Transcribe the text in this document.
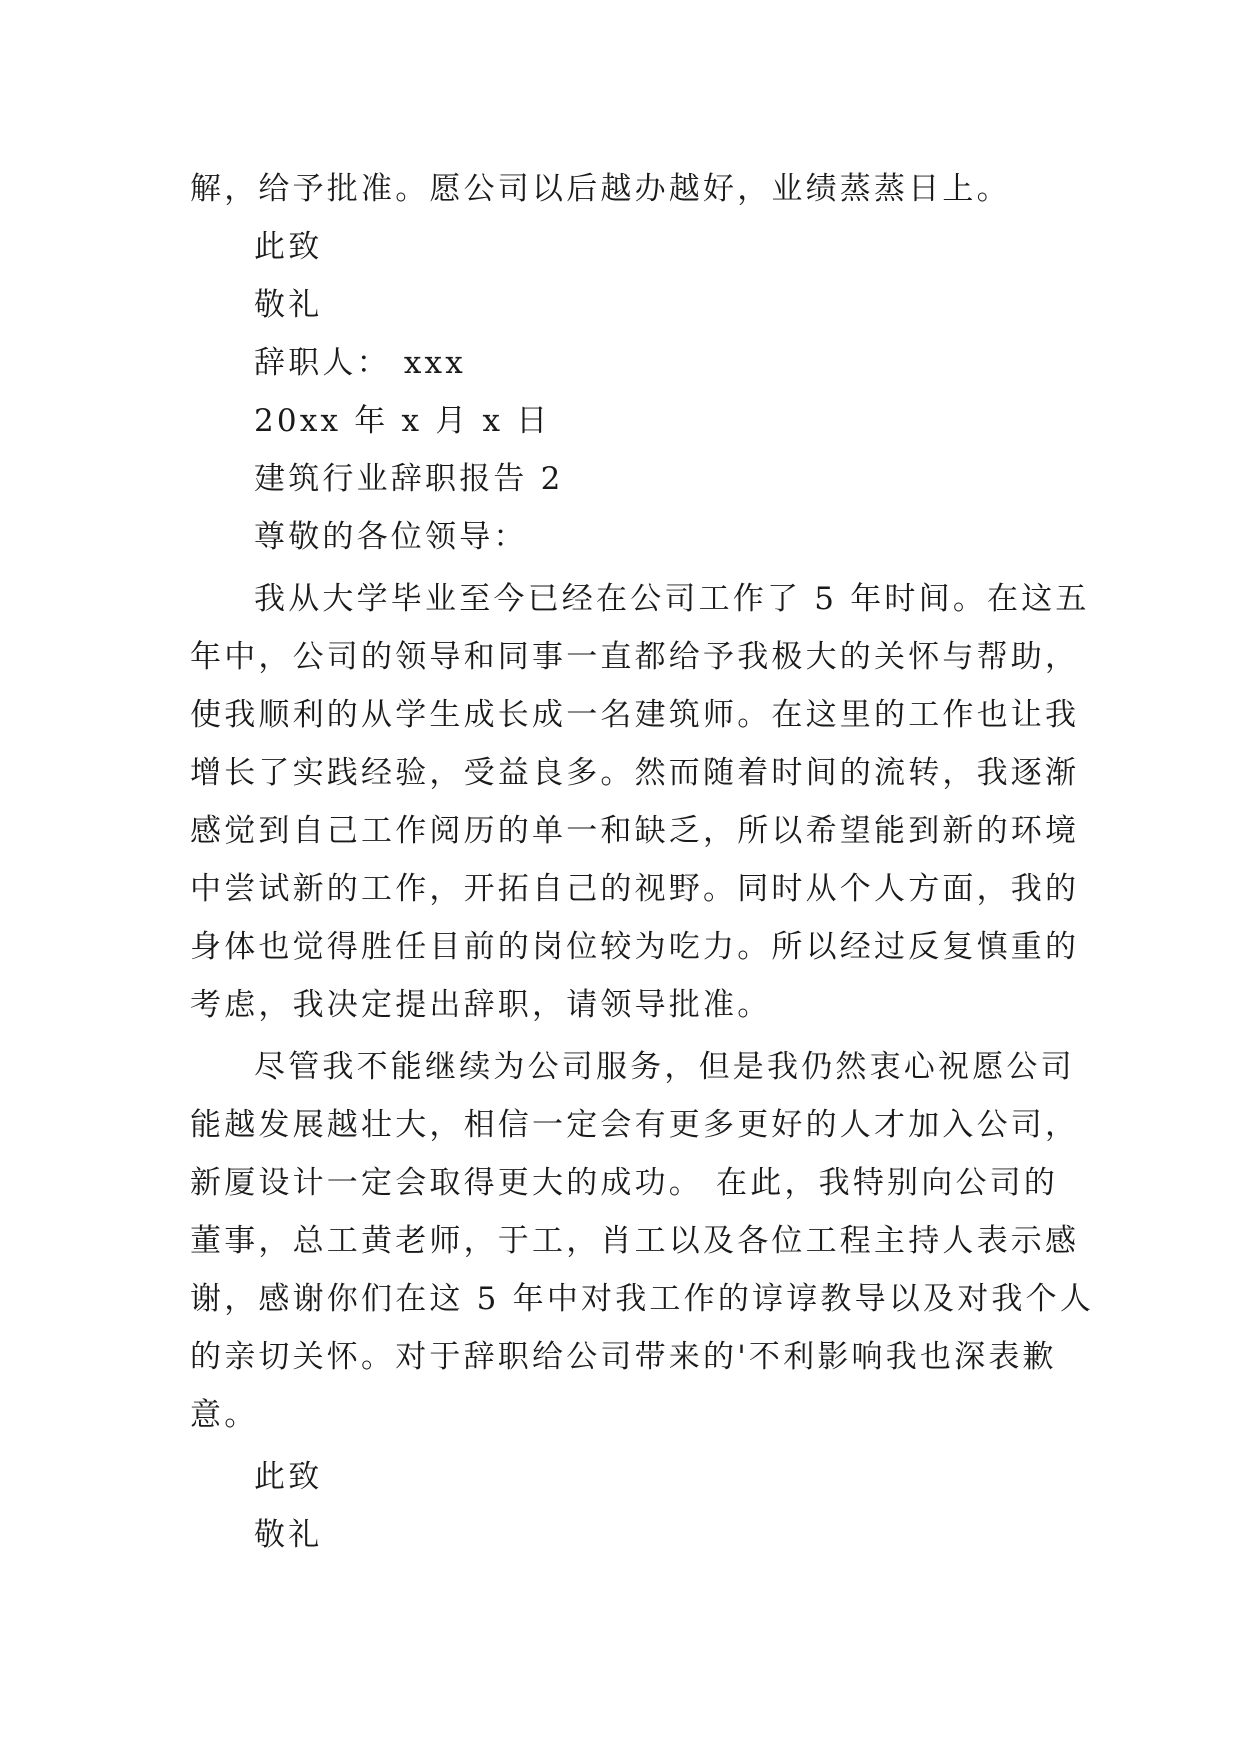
解，给予批准。愿公司以后越办越好，业绩蒸蒸日上。
此致
敬礼
辞职人： xxx
20xx 年 x 月 x 日
建筑行业辞职报告 2
尊敬的各位领导：
我从大学毕业至今已经在公司工作了 5 年时间。在这五
年中，公司的领导和同事一直都给予我极大的关怀与帮助，
使我顺利的从学生成长成一名建筑师。在这里的工作也让我
增长了实践经验，受益良多。然而随着时间的流转，我逐渐
感觉到自己工作阅历的单一和缺乏，所以希望能到新的环境
中尝试新的工作，开拓自己的视野。同时从个人方面，我的
身体也觉得胜任目前的岗位较为吃力。所以经过反复慎重的
考虑，我决定提出辞职，请领导批准。
尽管我不能继续为公司服务，但是我仍然衷心祝愿公司
能越发展越壮大，相信一定会有更多更好的人才加入公司，
新厦设计一定会取得更大的成功。 在此，我特别向公司的
董事，总工黄老师，于工，肖工以及各位工程主持人表示感
谢，感谢你们在这 5 年中对我工作的谆谆教导以及对我个人
的亲切关怀。对于辞职给公司带来的'不利影响我也深表歉
意。
此致
敬礼
